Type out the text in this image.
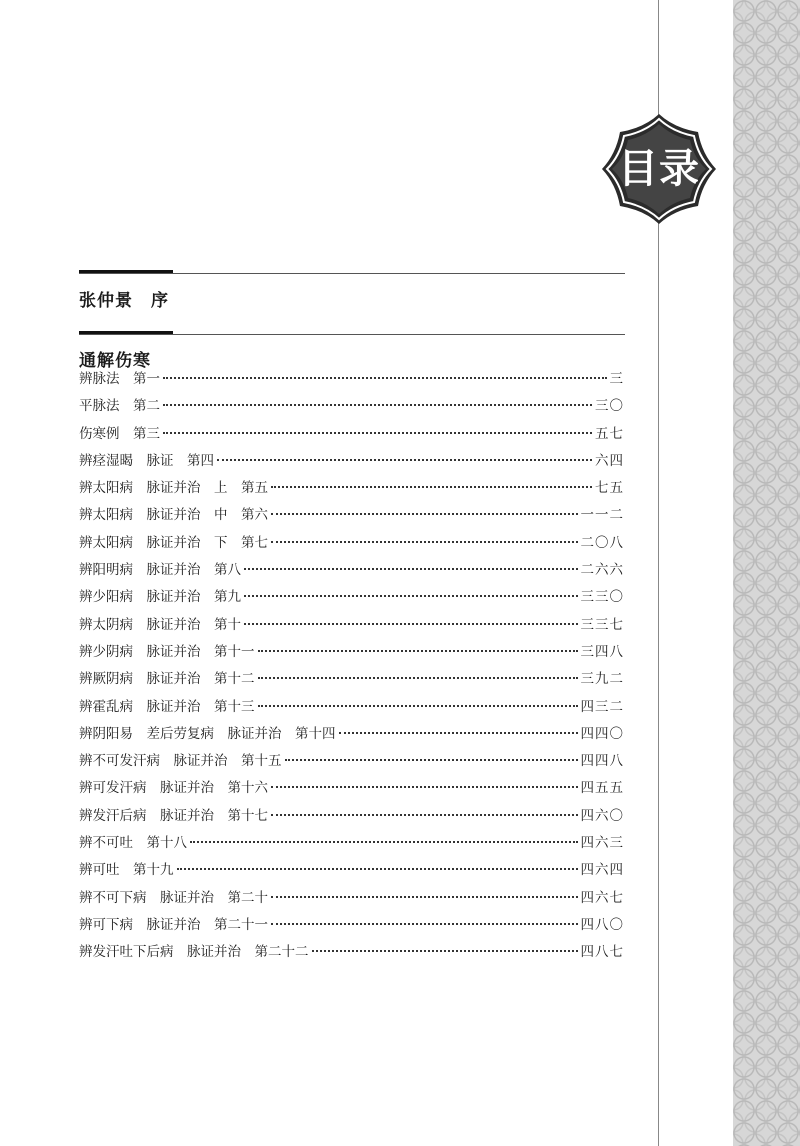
目录
张仲景　序
通解伤寒
辨脉法　第一	三
平脉法　第二	三〇
伤寒例　第三	五七
辨痉湿暍　脉证　第四	六四
辨太阳病　脉证并治　上　第五	七五
辨太阳病　脉证并治　中　第六	一一二
辨太阳病　脉证并治　下　第七	二〇八
辨阳明病　脉证并治　第八	二六六
辨少阳病　脉证并治　第九	三三〇
辨太阴病　脉证并治　第十	三三七
辨少阴病　脉证并治　第十一	三四八
辨厥阴病　脉证并治　第十二	三九二
辨霍乱病　脉证并治　第十三	四三二
辨阴阳易　差后劳复病　脉证并治　第十四	四四〇
辨不可发汗病　脉证并治　第十五	四四八
辨可发汗病　脉证并治　第十六	四五五
辨发汗后病　脉证并治　第十七	四六〇
辨不可吐　第十八	四六三
辨可吐　第十九	四六四
辨不可下病　脉证并治　第二十	四六七
辨可下病　脉证并治　第二十一	四八〇
辨发汗吐下后病　脉证并治　第二十二	四八七
